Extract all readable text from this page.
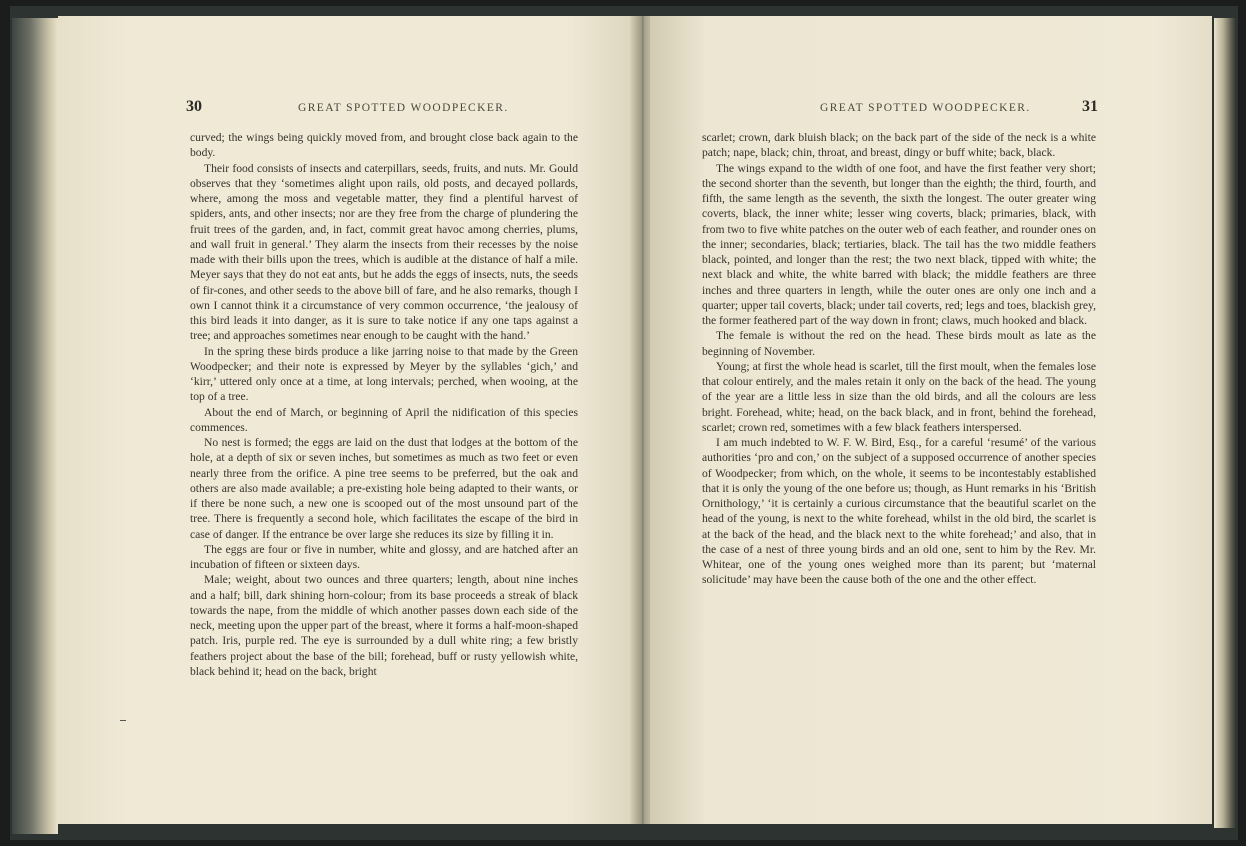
30	GREAT SPOTTED WOODPECKER.

curved; the wings being quickly moved from, and brought close back again to the body.

Their food consists of insects and caterpillars, seeds, fruits, and nuts. Mr. Gould observes that they ‘sometimes alight upon rails, old posts, and decayed pollards, where, among the moss and vegetable matter, they find a plentiful harvest of spiders, ants, and other insects; nor are they free from the charge of plundering the fruit trees of the garden, and, in fact, commit great havoc among cherries, plums, and wall fruit in general.’ They alarm the insects from their recesses by the noise made with their bills upon the trees, which is audible at the distance of half a mile. Meyer says that they do not eat ants, but he adds the eggs of insects, nuts, the seeds of fir-cones, and other seeds to the above bill of fare, and he also remarks, though I own I cannot think it a circumstance of very common occurrence, ‘the jealousy of this bird leads it into danger, as it is sure to take notice if any one taps against a tree; and approaches sometimes near enough to be caught with the hand.’

In the spring these birds produce a like jarring noise to that made by the Green Woodpecker; and their note is expressed by Meyer by the syllables ‘gich,’ and ‘kirr,’ uttered only once at a time, at long intervals; perched, when wooing, at the top of a tree.

About the end of March, or beginning of April the nidification of this species commences.

No nest is formed; the eggs are laid on the dust that lodges at the bottom of the hole, at a depth of six or seven inches, but sometimes as much as two feet or even nearly three from the orifice. A pine tree seems to be preferred, but the oak and others are also made available; a pre-existing hole being adapted to their wants, or if there be none such, a new one is scooped out of the most unsound part of the tree. There is frequently a second hole, which facilitates the escape of the bird in case of danger. If the entrance be over large she reduces its size by filling it in.

The eggs are four or five in number, white and glossy, and are hatched after an incubation of fifteen or sixteen days.

Male; weight, about two ounces and three quarters; length, about nine inches and a half; bill, dark shining horn-colour; from its base proceeds a streak of black towards the nape, from the middle of which another passes down each side of the neck, meeting upon the upper part of the breast, where it forms a half-moon-shaped patch. Iris, purple red. The eye is surrounded by a dull white ring; a few bristly feathers project about the base of the bill; forehead, buff or rusty yellowish white, black behind it; head on the back, bright

GREAT SPOTTED WOODPECKER.	31

scarlet; crown, dark bluish black; on the back part of the side of the neck is a white patch; nape, black; chin, throat, and breast, dingy or buff white; back, black.

The wings expand to the width of one foot, and have the first feather very short; the second shorter than the seventh, but longer than the eighth; the third, fourth, and fifth, the same length as the seventh, the sixth the longest. The outer greater wing coverts, black, the inner white; lesser wing coverts, black; primaries, black, with from two to five white patches on the outer web of each feather, and rounder ones on the inner; secondaries, black; tertiaries, black. The tail has the two middle feathers black, pointed, and longer than the rest; the two next black, tipped with white; the next black and white, the white barred with black; the middle feathers are three inches and three quarters in length, while the outer ones are only one inch and a quarter; upper tail coverts, black; under tail coverts, red; legs and toes, blackish grey, the former feathered part of the way down in front; claws, much hooked and black.

The female is without the red on the head. These birds moult as late as the beginning of November.

Young; at first the whole head is scarlet, till the first moult, when the females lose that colour entirely, and the males retain it only on the back of the head. The young of the year are a little less in size than the old birds, and all the colours are less bright. Forehead, white; head, on the back black, and in front, behind the forehead, scarlet; crown red, sometimes with a few black feathers interspersed.

I am much indebted to W. F. W. Bird, Esq., for a careful ‘resumé’ of the various authorities ‘pro and con,’ on the subject of a supposed occurrence of another species of Woodpecker; from which, on the whole, it seems to be incontestably established that it is only the young of the one before us; though, as Hunt remarks in his ‘British Ornithology,’ ‘it is certainly a curious circumstance that the beautiful scarlet on the head of the young, is next to the white forehead, whilst in the old bird, the scarlet is at the back of the head, and the black next to the white forehead;’ and also, that in the case of a nest of three young birds and an old one, sent to him by the Rev. Mr. Whitear, one of the young ones weighed more than its parent; but ‘maternal solicitude’ may have been the cause both of the one and the other effect.
